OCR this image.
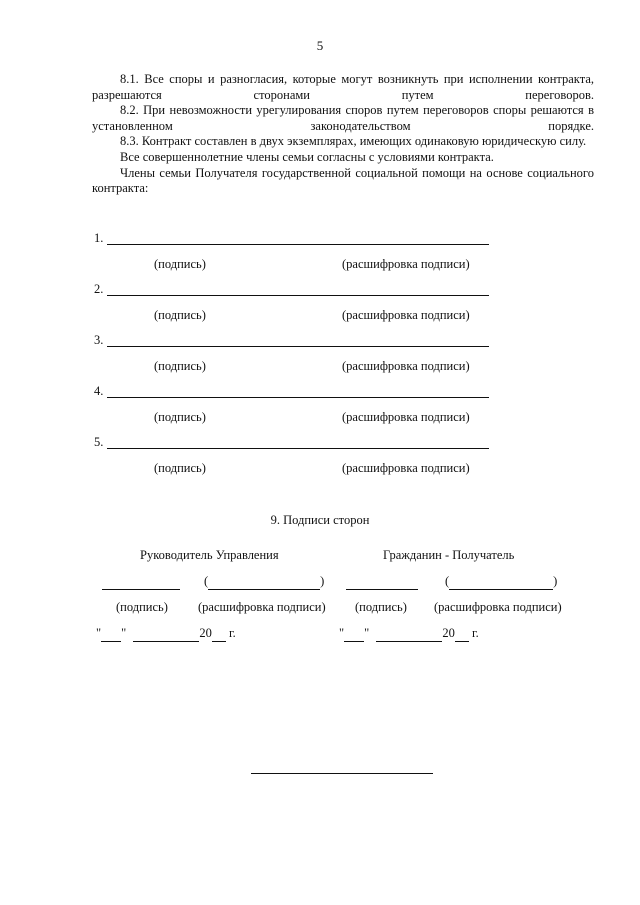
5

8.1. Все споры и разногласия, которые могут возникнуть при исполнении контракта, разрешаются сторонами путем переговоров.

8.2. При невозможности урегулирования споров путем переговоров споры решаются в установленном законодательством порядке.

8.3. Контракт составлен в двух экземплярах, имеющих одинаковую юридическую силу.

Все совершеннолетние члены семьи согласны с условиями контракта.

Члены семьи Получателя государственной социальной помощи на основе социального контракта:

1.
(подпись)	(расшифровка подписи)
2.
(подпись)	(расшифровка подписи)
3.
(подпись)	(расшифровка подписи)
4.
(подпись)	(расшифровка подписи)
5.
(подпись)	(расшифровка подписи)
9. Подписи сторон
Руководитель Управления

(	)
(подпись) (расшифровка подписи)
" "	20 г.
Гражданин - Получатель

(	)
(подпись) (расшифровка подписи)
" "	20 г.
